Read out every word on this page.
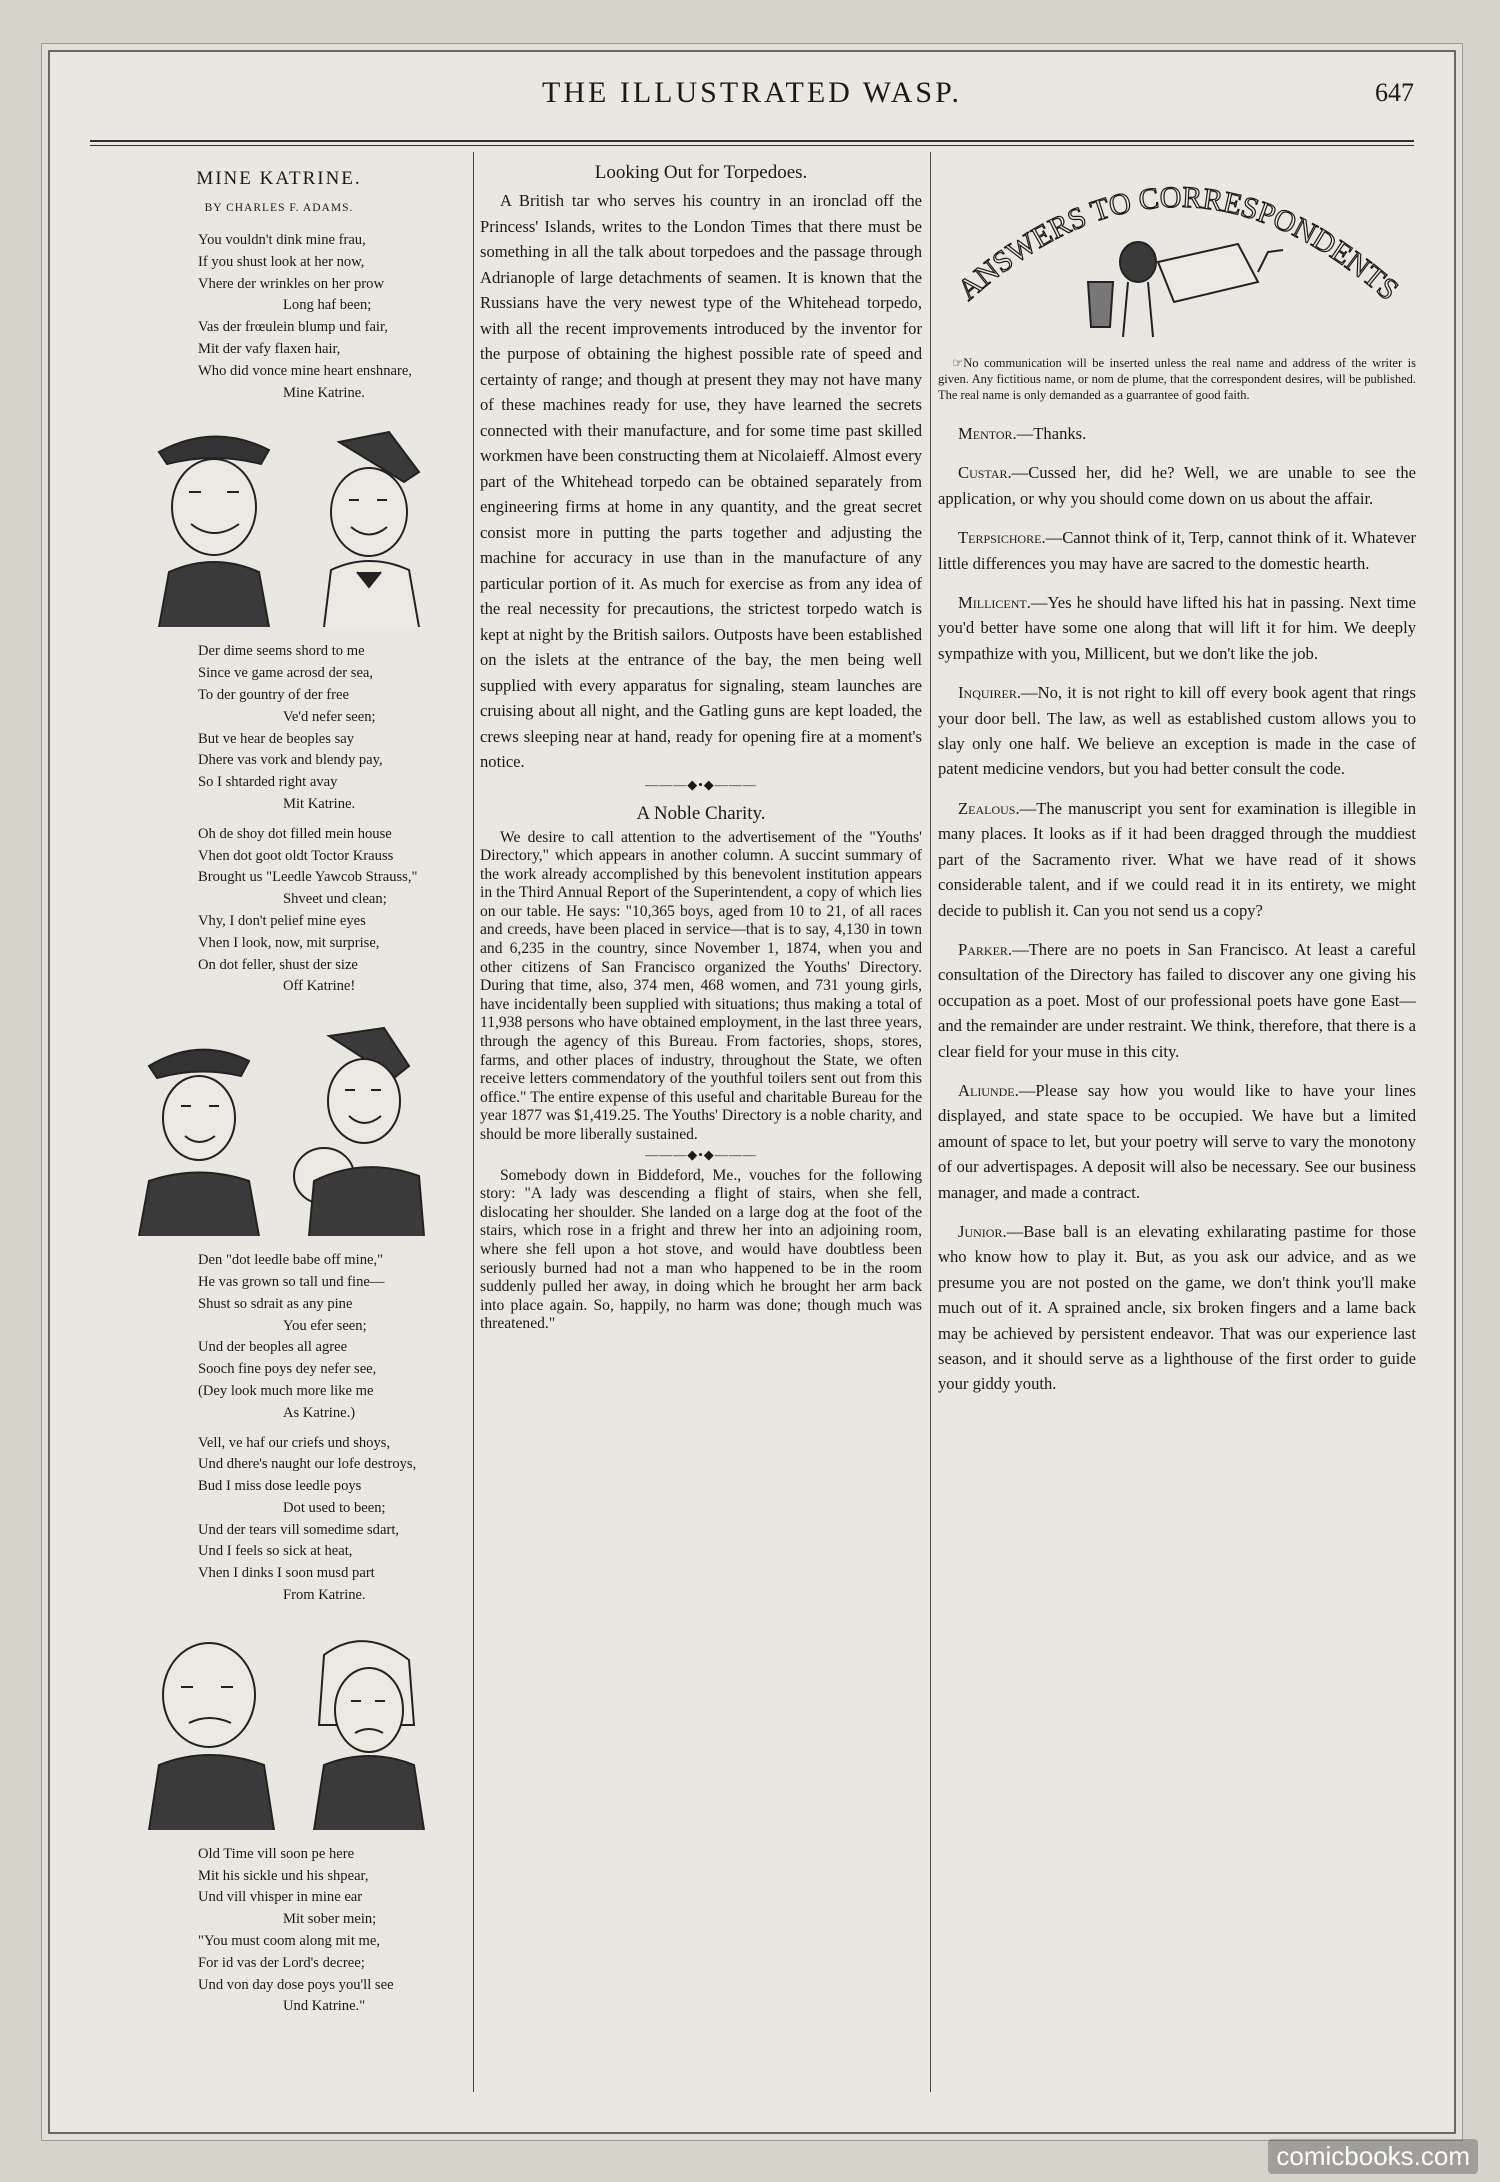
THE ILLUSTRATED WASP.	647
MINE KATRINE.
BY CHARLES F. ADAMS.
You vouldn't dink mine frau,
If you shust look at her now,
Vhere der wrinkles on her prow
Long haf been;
Vas der frœulein blump und fair,
Mit der vafy flaxen hair,
Who did vonce mine heart enshnare,
Mine Katrine.
Der dime seems shord to me
Since ve game acrosd der sea,
To der gountry of der free
Ve'd nefer seen;
But ve hear de beoples say
Dhere vas vork and blendy pay,
So I shtarded right avay
Mit Katrine.
Oh de shoy dot filled mein house
Vhen dot goot oldt Toctor Krauss
Brought us "Leedle Yawcob Strauss,"
Shveet und clean;
Vhy, I don't pelief mine eyes
Vhen I look, now, mit surprise,
On dot feller, shust der size
Off Katrine!
Den "dot leedle babe off mine,"
He vas grown so tall und fine—
Shust so sdrait as any pine
You efer seen;
Und der beoples all agree
Sooch fine poys dey nefer see,
(Dey look much more like me
As Katrine.)
Vell, ve haf our criefs und shoys,
Und dhere's naught our lofe destroys,
Bud I miss dose leedle poys
Dot used to been;
Und der tears vill somedime sdart,
Und I feels so sick at heat,
Vhen I dinks I soon musd part
From Katrine.
Old Time vill soon pe here
Mit his sickle und his shpear,
Und vill vhisper in mine ear
Mit sober mein;
"You must coom along mit me,
For id vas der Lord's decree;
Und von day dose poys you'll see
Und Katrine."
Looking Out for Torpedoes.

A British tar who serves his country in an ironclad off the Princess' Islands, writes to the London Times that there must be something in all the talk about torpedoes and the passage through Adrianople of large detachments of seamen. It is known that the Russians have the very newest type of the Whitehead torpedo, with all the recent improvements introduced by the inventor for the purpose of obtaining the highest possible rate of speed and certainty of range; and though at present they may not have many of these machines ready for use, they have learned the secrets connected with their manufacture, and for some time past skilled workmen have been constructing them at Nicolaieff. Almost every part of the Whitehead torpedo can be obtained separately from engineering firms at home in any quantity, and the great secret consist more in putting the parts together and adjusting the machine for accuracy in use than in the manufacture of any particular portion of it. As much for exercise as from any idea of the real necessity for precautions, the strictest torpedo watch is kept at night by the British sailors. Outposts have been established on the islets at the entrance of the bay, the men being well supplied with every apparatus for signaling, steam launches are cruising about all night, and the Gatling guns are kept loaded, the crews sleeping near at hand, ready for opening fire at a moment's notice.

———◆•◆———
A Noble Charity.

We desire to call attention to the advertisement of the "Youths' Directory," which appears in another column. A succint summary of the work already accomplished by this benevolent institution appears in the Third Annual Report of the Superintendent, a copy of which lies on our table. He says: "10,365 boys, aged from 10 to 21, of all races and creeds, have been placed in service—that is to say, 4,130 in town and 6,235 in the country, since November 1, 1874, when you and other citizens of San Francisco organized the Youths' Directory. During that time, also, 374 men, 468 women, and 731 young girls, have incidentally been supplied with situations; thus making a total of 11,938 persons who have obtained employment, in the last three years, through the agency of this Bureau. From factories, shops, stores, farms, and other places of industry, throughout the State, we often receive letters commendatory of the youthful toilers sent out from this office." The entire expense of this useful and charitable Bureau for the year 1877 was $1,419.25. The Youths' Directory is a noble charity, and should be more liberally sustained.

———◆•◆———

Somebody down in Biddeford, Me., vouches for the following story: "A lady was descending a flight of stairs, when she fell, dislocating her shoulder. She landed on a large dog at the foot of the stairs, which rose in a fright and threw her into an adjoining room, where she fell upon a hot stove, and would have doubtless been seriously burned had not a man who happened to be in the room suddenly pulled her away, in doing which he brought her arm back into place again. So, happily, no harm was done; though much was threatened."

ANSWERS TO CORRESPONDENTS

☞No communication will be inserted unless the real name and address of the writer is given. Any fictitious name, or nom de plume, that the correspondent desires, will be published. The real name is only demanded as a guarrantee of good faith.

Mentor.—Thanks.

Custar.—Cussed her, did he? Well, we are unable to see the application, or why you should come down on us about the affair.

Terpsichore.—Cannot think of it, Terp, cannot think of it. Whatever little differences you may have are sacred to the domestic hearth.

Millicent.—Yes he should have lifted his hat in passing. Next time you'd better have some one along that will lift it for him. We deeply sympathize with you, Millicent, but we don't like the job.

Inquirer.—No, it is not right to kill off every book agent that rings your door bell. The law, as well as established custom allows you to slay only one half. We believe an exception is made in the case of patent medicine vendors, but you had better consult the code.

Zealous.—The manuscript you sent for examination is illegible in many places. It looks as if it had been dragged through the muddiest part of the Sacramento river. What we have read of it shows considerable talent, and if we could read it in its entirety, we might decide to publish it. Can you not send us a copy?

Parker.—There are no poets in San Francisco. At least a careful consultation of the Directory has failed to discover any one giving his occupation as a poet. Most of our professional poets have gone East—and the remainder are under restraint. We think, therefore, that there is a clear field for your muse in this city.

Aliunde.—Please say how you would like to have your lines displayed, and state space to be occupied. We have but a limited amount of space to let, but your poetry will serve to vary the monotony of our advertispages. A deposit will also be necessary. See our business manager, and made a contract.

Junior.—Base ball is an elevating exhilarating pastime for those who know how to play it. But, as you ask our advice, and as we presume you are not posted on the game, we don't think you'll make much out of it. A sprained ancle, six broken fingers and a lame back may be achieved by persistent endeavor. That was our experience last season, and it should serve as a lighthouse of the first order to guide your giddy youth.

comicbooks.com
